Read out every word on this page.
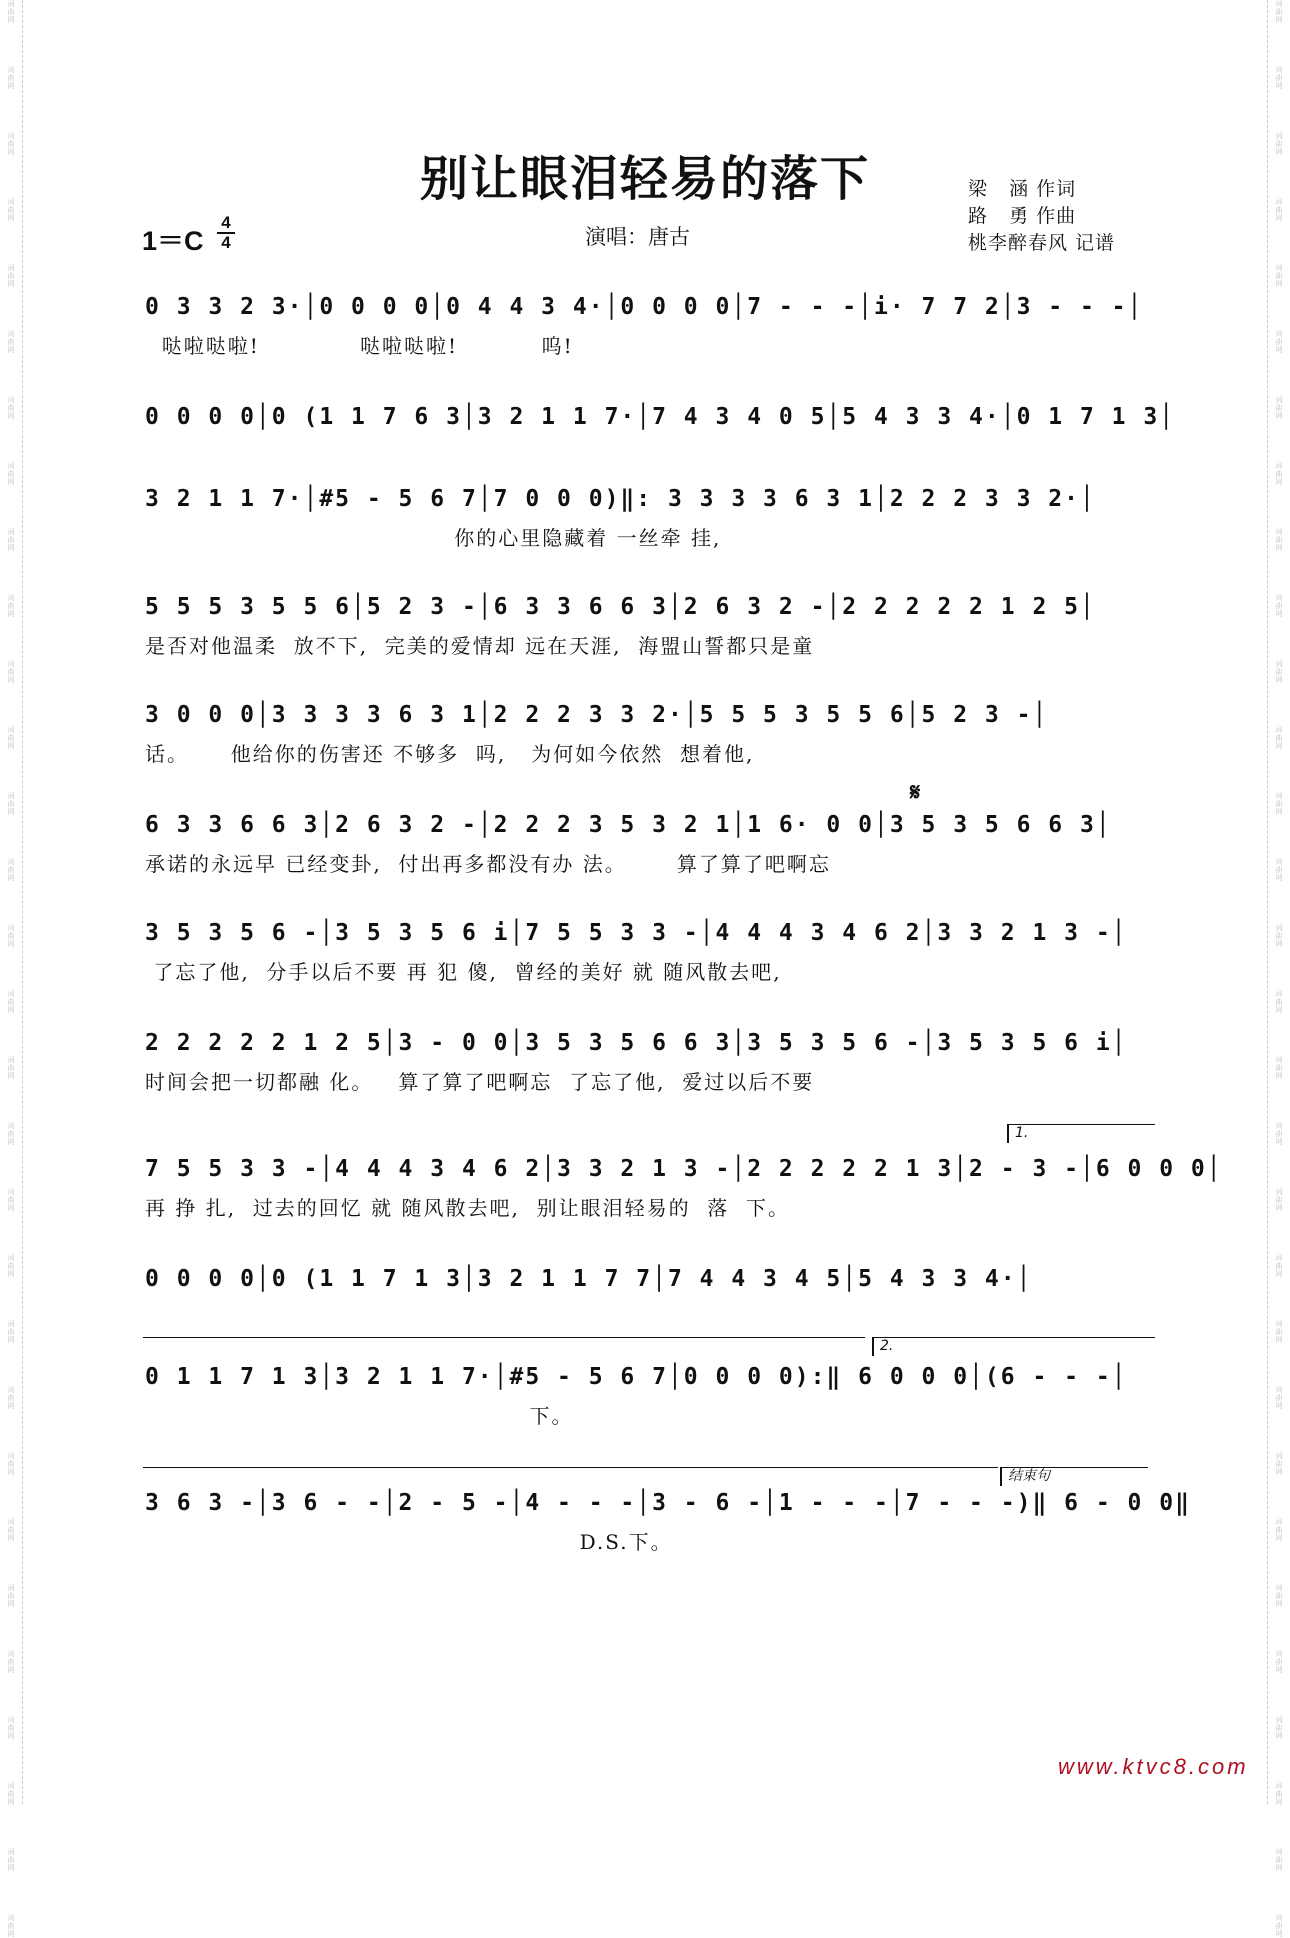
词
曲
网
词
曲
网
词
曲
网
词
曲
网
词
曲
网
词
曲
网
词
曲
网
词
曲
网
词
曲
网
词
曲
网
词
曲
网
词
曲
网
词
曲
网
词
曲
网
词
曲
网
词
曲
网
词
曲
网
词
曲
网
词
曲
网
词
曲
网
词
曲
网
词
曲
网
词
曲
网
词
曲
网
词
曲
网
词
曲
网
词
曲
网
词
曲
网
词
曲
网
词
曲
网
词
曲
网
词
曲
网
词
曲
网
词
曲
网
词
曲
网
词
曲
网
词
曲
网
词
曲
网
词
曲
网
词
曲
网
词
曲
网
词
曲
网
词
曲
网
词
曲
网
词
曲
网
词
曲
网
词
曲
网
词
曲
网
词
曲
网
词
曲
网
词
曲
网
词
曲
网
词
曲
网
词
曲
网
词
曲
网
词
曲
网
词
曲
网
词
曲
网
词
曲
网
词
曲
网
别让眼泪轻易的落下	梁   涵 作词
路   勇 作曲
桃李醉春风 记谱
1＝C
4
4	演唱：唐古
0 3 3 2 3·│0 0 0 0│0 4 4 3 4·│0 0 0 0│7 - - -│i· 7 7 2│3 - - -│
哒啦哒啦!            哒啦哒啦!          呜!
0 0 0 0│0 (1 1 7 6 3│3 2 1 1 7·│7 4 3 4 0 5│5 4 3 3 4·│0 1 7 1 3│
3 2 1 1 7·│#5 - 5 6 7│7 0 0 0)‖: 3 3 3 3 6 3 1│2 2 2 3 3 2·│
你的心里隐藏着 一丝牵 挂,
5 5 5 3 5 5 6│5 2 3 -│6 3 3 6 6 3│2 6 3 2 -│2 2 2 2 2 1 2 5│
是否对他温柔  放不下,  完美的爱情却 远在天涯,  海盟山誓都只是童
3 0 0 0│3 3 3 3 6 3 1│2 2 2 3 3 2·│5 5 5 3 5 5 6│5 2 3 -│
话。     他给你的伤害还 不够多  吗,   为何如今依然  想着他,
𝄋
6 3 3 6 6 3│2 6 3 2 -│2 2 2 3 5 3 2 1│1 6· 0 0│3 5 3 5 6 6 3│
承诺的永远早 已经变卦,  付出再多都没有办 法。      算了算了吧啊忘
3 5 3 5 6 -│3 5 3 5 6 i│7 5 5 3 3 -│4 4 4 3 4 6 2│3 3 2 1 3 -│
了忘了他,  分手以后不要 再 犯 傻,  曾经的美好 就 随风散去吧,
2 2 2 2 2 1 2 5│3 - 0 0│3 5 3 5 6 6 3│3 5 3 5 6 -│3 5 3 5 6 i│
时间会把一切都融 化。   算了算了吧啊忘  了忘了他,  爱过以后不要
1.
7 5 5 3 3 -│4 4 4 3 4 6 2│3 3 2 1 3 -│2 2 2 2 2 1 3│2 - 3 -│6 0 0 0│
再 挣 扎,  过去的回忆 就 随风散去吧,  别让眼泪轻易的  落  下。
0 0 0 0│0 (1 1 7 1 3│3 2 1 1 7 7│7 4 4 3 4 5│5 4 3 3 4·│
2.
0 1 1 7 1 3│3 2 1 1 7·│#5 - 5 6 7│0 0 0 0):‖ 6 0 0 0│(6 - - -│
下。
结束句
3 6 3 -│3 6 - -│2 - 5 -│4 - - -│3 - 6 -│1 - - -│7 - - -)‖ 6 - 0 0‖
D.S.下。
www.ktvc8.com
